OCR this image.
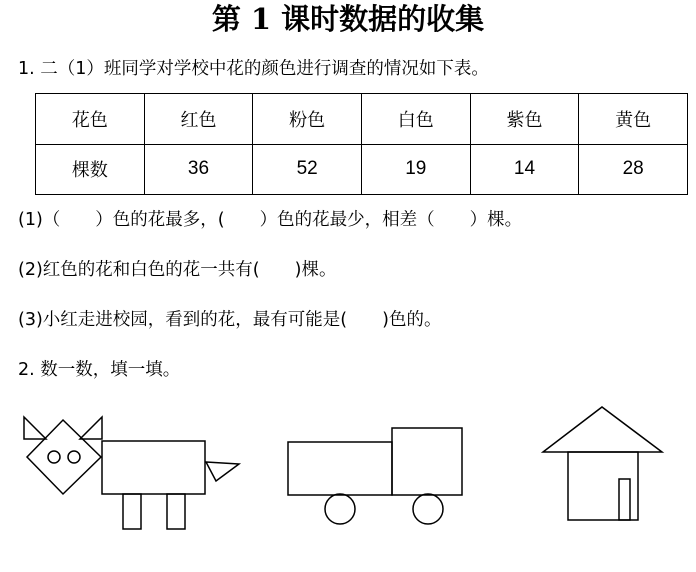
第 1 课时数据的收集
1. 二（1）班同学对学校中花的颜色进行调查的情况如下表。
花色	红色	粉色	白色	紫色	黄色
棵数	36	52	19	14	28
(1)（　　）色的花最多，(　　）色的花最少，相差（　　）棵。
(2)红色的花和白色的花一共有(　　)棵。
(3)小红走进校园，看到的花，最有可能是(　　)色的。
2. 数一数，填一填。
